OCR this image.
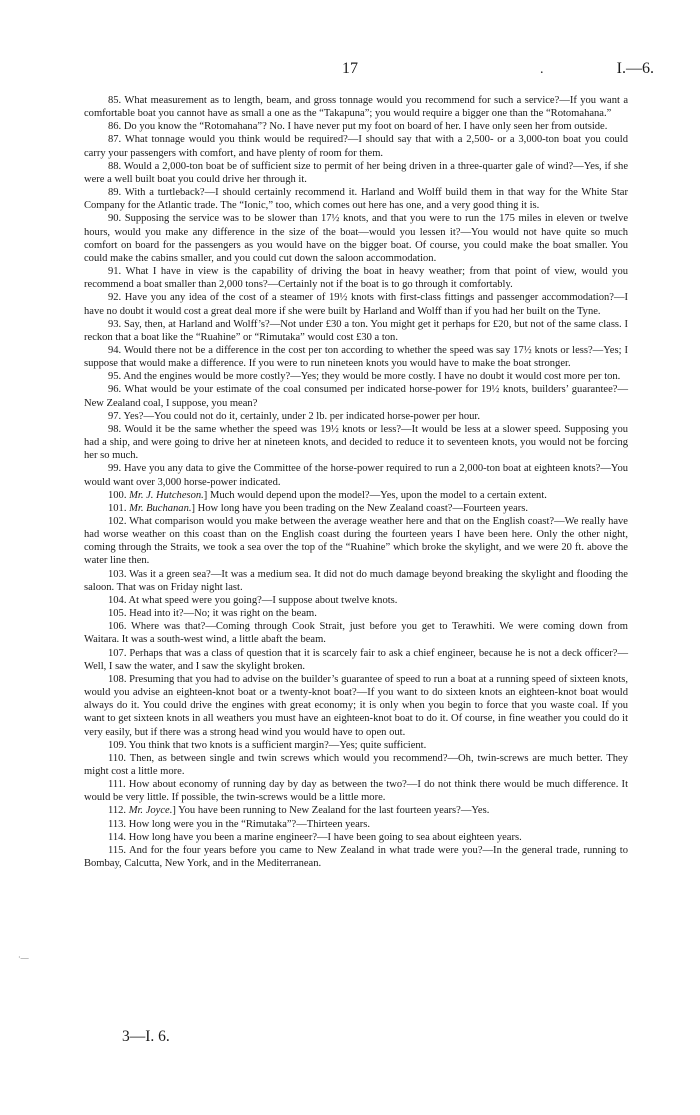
17	.	I.—6.
·—

85. What measurement as to length, beam, and gross tonnage would you recommend for such a service?—If you want a comfortable boat you cannot have as small a one as the “Takapuna”; you would require a bigger one than the “Rotomahana.”

86. Do you know the “Rotomahana”? No. I have never put my foot on board of her. I have only seen her from outside.

87. What tonnage would you think would be required?—I should say that with a 2,500- or a 3,000-ton boat you could carry your passengers with comfort, and have plenty of room for them.

88. Would a 2,000-ton boat be of sufficient size to permit of her being driven in a three-quarter gale of wind?—Yes, if she were a well built boat you could drive her through it.

89. With a turtleback?—I should certainly recommend it. Harland and Wolff build them in that way for the White Star Company for the Atlantic trade. The “Ionic,” too, which comes out here has one, and a very good thing it is.

90. Supposing the service was to be slower than 17½ knots, and that you were to run the 175 miles in eleven or twelve hours, would you make any difference in the size of the boat—would you lessen it?—You would not have quite so much comfort on board for the passengers as you would have on the bigger boat. Of course, you could make the boat smaller. You could make the cabins smaller, and you could cut down the saloon accommodation.

91. What I have in view is the capability of driving the boat in heavy weather; from that point of view, would you recommend a boat smaller than 2,000 tons?—Certainly not if the boat is to go through it comfortably.

92. Have you any idea of the cost of a steamer of 19½ knots with first-class fittings and passenger accommodation?—I have no doubt it would cost a great deal more if she were built by Harland and Wolff than if you had her built on the Tyne.

93. Say, then, at Harland and Wolff’s?—Not under £30 a ton. You might get it perhaps for £20, but not of the same class. I reckon that a boat like the “Ruahine” or “Rimutaka” would cost £30 a ton.

94. Would there not be a difference in the cost per ton according to whether the speed was say 17½ knots or less?—Yes; I suppose that would make a difference. If you were to run nineteen knots you would have to make the boat stronger.

95. And the engines would be more costly?—Yes; they would be more costly. I have no doubt it would cost more per ton.

96. What would be your estimate of the coal consumed per indicated horse-power for 19½ knots, builders’ guarantee?—New Zealand coal, I suppose, you mean?

97. Yes?—You could not do it, certainly, under 2 lb. per indicated horse-power per hour.

98. Would it be the same whether the speed was 19½ knots or less?—It would be less at a slower speed. Supposing you had a ship, and were going to drive her at nineteen knots, and decided to reduce it to seventeen knots, you would not be forcing her so much.

99. Have you any data to give the Committee of the horse-power required to run a 2,000-ton boat at eighteen knots?—You would want over 3,000 horse-power indicated.

100. Mr. J. Hutcheson.] Much would depend upon the model?—Yes, upon the model to a certain extent.

101. Mr. Buchanan.] How long have you been trading on the New Zealand coast?—Fourteen years.

102. What comparison would you make between the average weather here and that on the English coast?—We really have had worse weather on this coast than on the English coast during the fourteen years I have been here. Only the other night, coming through the Straits, we took a sea over the top of the “Ruahine” which broke the skylight, and we were 20 ft. above the water line then.

103. Was it a green sea?—It was a medium sea. It did not do much damage beyond breaking the skylight and flooding the saloon. That was on Friday night last.

104. At what speed were you going?—I suppose about twelve knots.

105. Head into it?—No; it was right on the beam.

106. Where was that?—Coming through Cook Strait, just before you get to Terawhiti. We were coming down from Waitara. It was a south-west wind, a little abaft the beam.

107. Perhaps that was a class of question that it is scarcely fair to ask a chief engineer, because he is not a deck officer?—Well, I saw the water, and I saw the skylight broken.

108. Presuming that you had to advise on the builder’s guarantee of speed to run a boat at a running speed of sixteen knots, would you advise an eighteen-knot boat or a twenty-knot boat?—If you want to do sixteen knots an eighteen-knot boat would always do it. You could drive the engines with great economy; it is only when you begin to force that you waste coal. If you want to get sixteen knots in all weathers you must have an eighteen-knot boat to do it. Of course, in fine weather you could do it very easily, but if there was a strong head wind you would have to open out.

109. You think that two knots is a sufficient margin?—Yes; quite sufficient.

110. Then, as between single and twin screws which would you recommend?—Oh, twin-screws are much better. They might cost a little more.

111. How about economy of running day by day as between the two?—I do not think there would be much difference. It would be very little. If possible, the twin-screws would be a little more.

112. Mr. Joyce.] You have been running to New Zealand for the last fourteen years?—Yes.

113. How long were you in the “Rimutaka”?—Thirteen years.

114. How long have you been a marine engineer?—I have been going to sea about eighteen years.

115. And for the four years before you came to New Zealand in what trade were you?—In the general trade, running to Bombay, Calcutta, New York, and in the Mediterranean.

3—I. 6.
